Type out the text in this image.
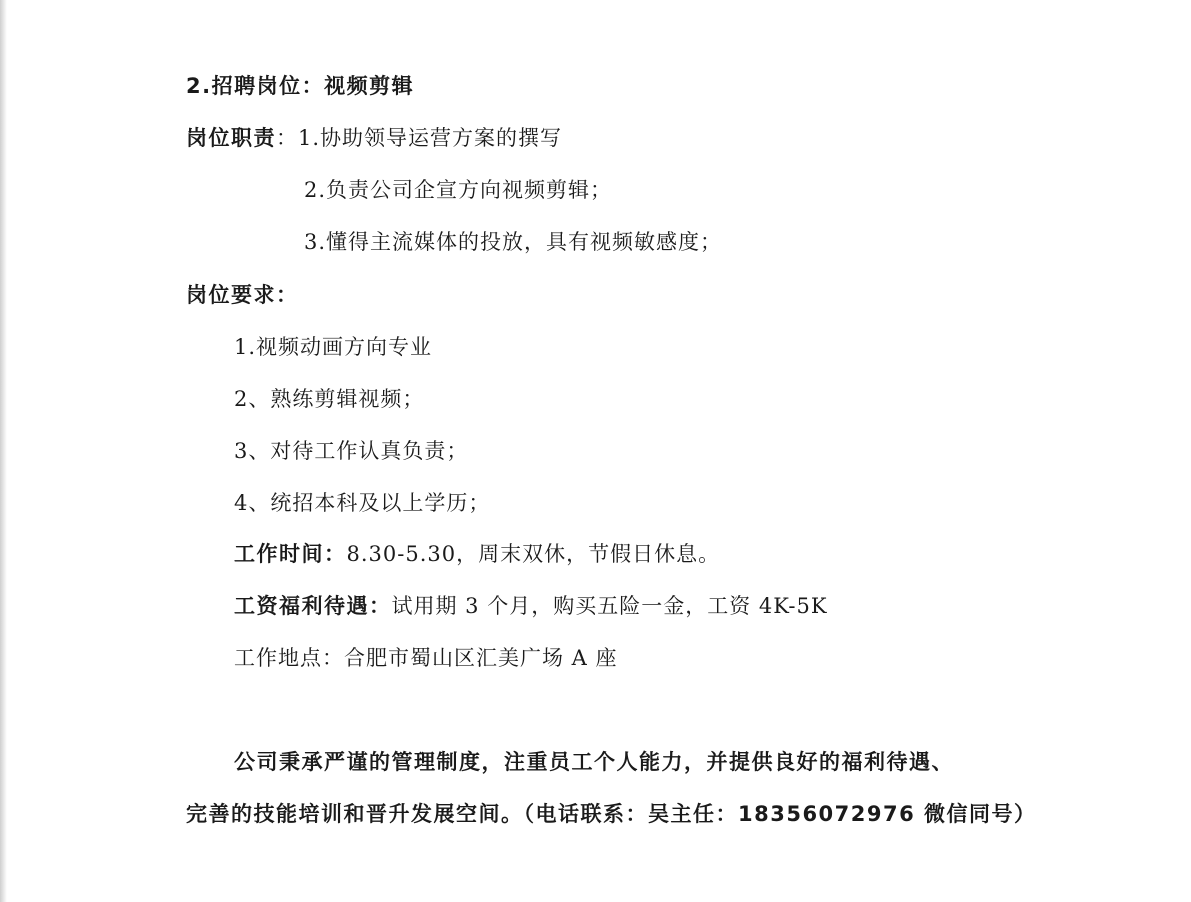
2.招聘岗位：视频剪辑
岗位职责：1.协助领导运营方案的撰写
2.负责公司企宣方向视频剪辑；
3.懂得主流媒体的投放，具有视频敏感度；
岗位要求：
1.视频动画方向专业
2、熟练剪辑视频；
3、对待工作认真负责；
4、统招本科及以上学历；
工作时间：8.30-5.30，周末双休，节假日休息。
工资福利待遇：试用期 3 个月，购买五险一金，工资 4K-5K
工作地点：合肥市蜀山区汇美广场 A 座
公司秉承严谨的管理制度，注重员工个人能力，并提供良好的福利待遇、
完善的技能培训和晋升发展空间。（电话联系：吴主任：18356072976 微信同号）
